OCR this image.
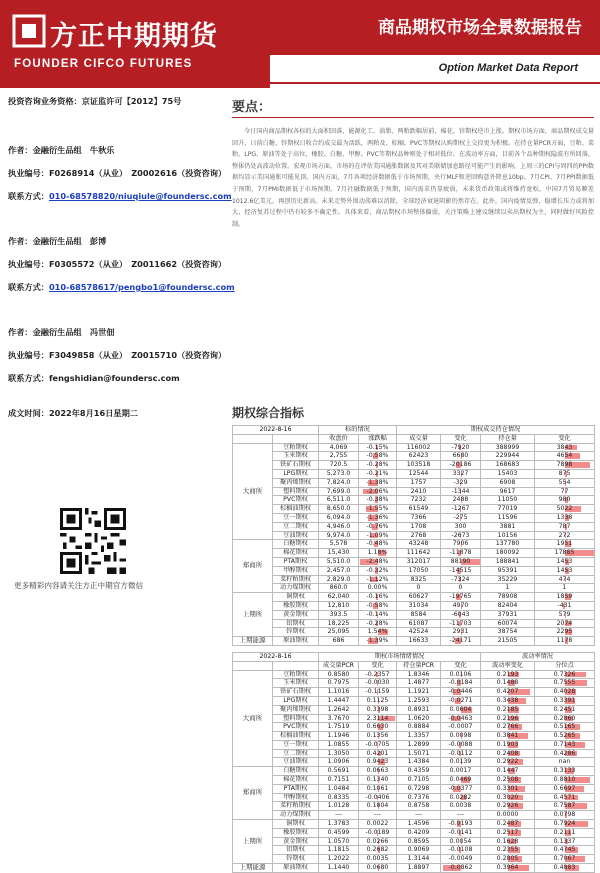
方正中期期货
FOUNDER CIFCO FUTURES
商品期权市场全景数据报告
Option Market Data Report
投资咨询业务资格：京证监许可【2012】75号
作者：金融衍生品组　牛秋乐
执业编号：F0268914（从业）　Z0002616（投资咨询）
联系方式：010-68578820/niuqiule@foundersc.com
作者：金融衍生品组　彭博
执业编号：F0305572（从业）　Z0011662（投资咨询）
联系方式：010-68578617/pengbo1@foundersc.com
作者：金融衍生品组　冯世佃
执业编号：F3049858（从业）　Z0015710（投资咨询）
联系方式：fengshidian@foundersc.com
成文时间：2022年8月16日星期二
更多精彩内容请关注方正中期官方微信
要点：
今日国内商品期权各标的大面积回落，能源化工、油脂、两粕跌幅居前，棉花、锌期权逆市上涨。期权市场方面，商品期权成交量回升，日前白糖、锌期权日收合约成交最为活跃，两粕及、棕榈、PVC等期权认购期权上交投更为积极。在持仓量PCR方面，豆粕、菜粕、LPG、原油等处于高位，橡胶、白糖、甲醇、PVC等期权品种则处于相对低位。在波动率方面，目前各个品种期权隐波有所回落，整体仍处高波动位置。宏观市场方面，市场的在评估美国通胀数据及其对美联储加息路径可能产生的影响，上周三的CPI与周四的PPI数据均显示美国通胀可能见顶。国内方面，7月各项经济数据低于市场预期，央行MLF和逆回购意外降息10bp。7月CPI、7月PPI数据低于预期，7月PMI数据低于市场预期。7月社融数据低于预期，国内需求仍显疲弱，未来货币政策或将维持宽松，中国7月贸易顺差1012.6亿美元，再创历史新高。未来走势外围动荡难以消除，全球经济衰退阴影仍然存在。此外，国内疫情反弹，稳增长压力或将加大，经济复苏过程中仍有较多不确定性。具体来看，商品期权市场整体偏弱，关注策略上建议继续以卖出期权为主，同时做好风险控制。
期权综合指标
2022-8-16		标的情况		期权成交持仓情况			
		收盘价	涨跌幅	成交量	变化	持仓量	变化
大商所	豆粕期权	4,069	-0.15%	116002	-7920	388999	3843
	玉米期权	2,755	-0.58%	62423	6680	229944	4654
	铁矿石期权	720.5	-0.28%	103518	-20186	168683	7898
	LPG期权	5,273.0	-0.21%	12544	3327	15403	875
	聚丙烯期权	7,824.0	-1.38%	1757	-329	6908	554
	塑料期权	7,699.0	-2.06%	2410	-1344	9617	77
	PVC期权	6,511.0	-0.38%	7232	2488	11050	980
	棕榈油期权	8,650.0	-1.55%	61549	-1267	77019	5022
	豆一期权	6,094.0	-1.36%	7366	-275	11596	1338
	豆二期权	4,946.0	-0.76%	1708	300	3881	787
	豆油期权	9,974.0	-1.09%	2768	-2673	10156	272
郑商所	白糖期权	5,578	-0.48%	43248	7906	137780	1951
	棉花期权	15,430	1.18%	111642	-11878	180092	17885
	PTA期权	5,510.0	-2.48%	312017	88190	188841	1453
	甲醇期权	2,457.0	-0.32%	17050	-14515	95391	1453
	菜籽粕期权	2,829.0	-1.12%	8325	-7324	35229	474
	动力煤期权	860.0	0.00%	0	0	1	1
上期所	铜期权	62,040	-0.16%	60627	-19765	78908	1859
	橡胶期权	12,810	-0.58%	31034	4970	82404	-431
	黄金期权	393.5	-0.14%	8584	-6043	37931	579
	铝期权	18,225	-0.28%	61087	-11703	60074	2074
	锌期权	25,095	1.54%	42524	2931	38754	2295
上期能源	原油期权	686	-1.39%	16633	-24171	21505	1178
2022-8-16		期权市场情绪情况				波动率情况	
		成交量PCR	变化	持仓量PCR	变化	波动率变化	分位点
大商所	豆粕期权	0.8580	-0.2357	1.8346	0.0106	0.2193	0.7326
	玉米期权	0.7975	-0.0030	1.4877	-0.0184	0.1488	0.7555
	铁矿石期权	1.1016	-0.1159	1.1921	-0.0446	0.4207	0.4028
	LPG期权	1.4447	0.1125	1.2593	-0.0271	0.3438	0.3391
	聚丙烯期权	1.2642	0.3398	0.8931	0.0604	0.2185	0.2451
	塑料期权	3.7670	2.3114	1.0620	-0.0463	0.2196	0.2860
	PVC期权	1.7519	0.6630	0.8884	-0.0007	0.2766	0.5165
	棕榈油期权	1.1946	0.1356	1.3357	0.0098	0.3841	0.5265
	豆一期权	1.0855	-0.0705	1.2899	-0.0088	0.1903	0.7143
	豆二期权	1.3050	0.4201	1.5071	-0.0112	0.2408	0.4286
	豆油期权	1.0906	0.9423	1.4384	0.0139	0.2922	nan
郑商所	白糖期权	0.5691	0.0663	0.4359	0.0017	0.1447	0.3133
	棉花期权	0.7151	0.1340	0.7105	0.0469	0.2508	0.8810
	PTA期权	1.0484	0.1061	0.7298	-0.0377	0.3301	0.6697
	甲醇期权	0.8335	-0.0406	0.7376	0.0282	0.3020	0.4571
	菜籽粕期权	1.0128	0.1804	0.8758	0.0038	0.2926	0.7587
	动力煤期权	---	---	---	---	0.0000	0.0798
上期所	铜期权	1.3783	0.0022	1.4596	-0.0193	0.2487	0.7924
	橡胶期权	0.4599	-0.0189	0.4209	-0.0141	0.2517	0.2111
	黄金期权	1.0570	0.0266	0.8595	0.0054	0.1628	0.1337
	铝期权	1.1815	0.2682	0.9069	-0.0108	0.2355	0.4745
	锌期权	1.2022	0.0035	1.3144	-0.0049	0.2805	0.7067
上期能源	原油期权	1.1440	0.0680	1.8897	-0.0862	0.3964	0.4883
